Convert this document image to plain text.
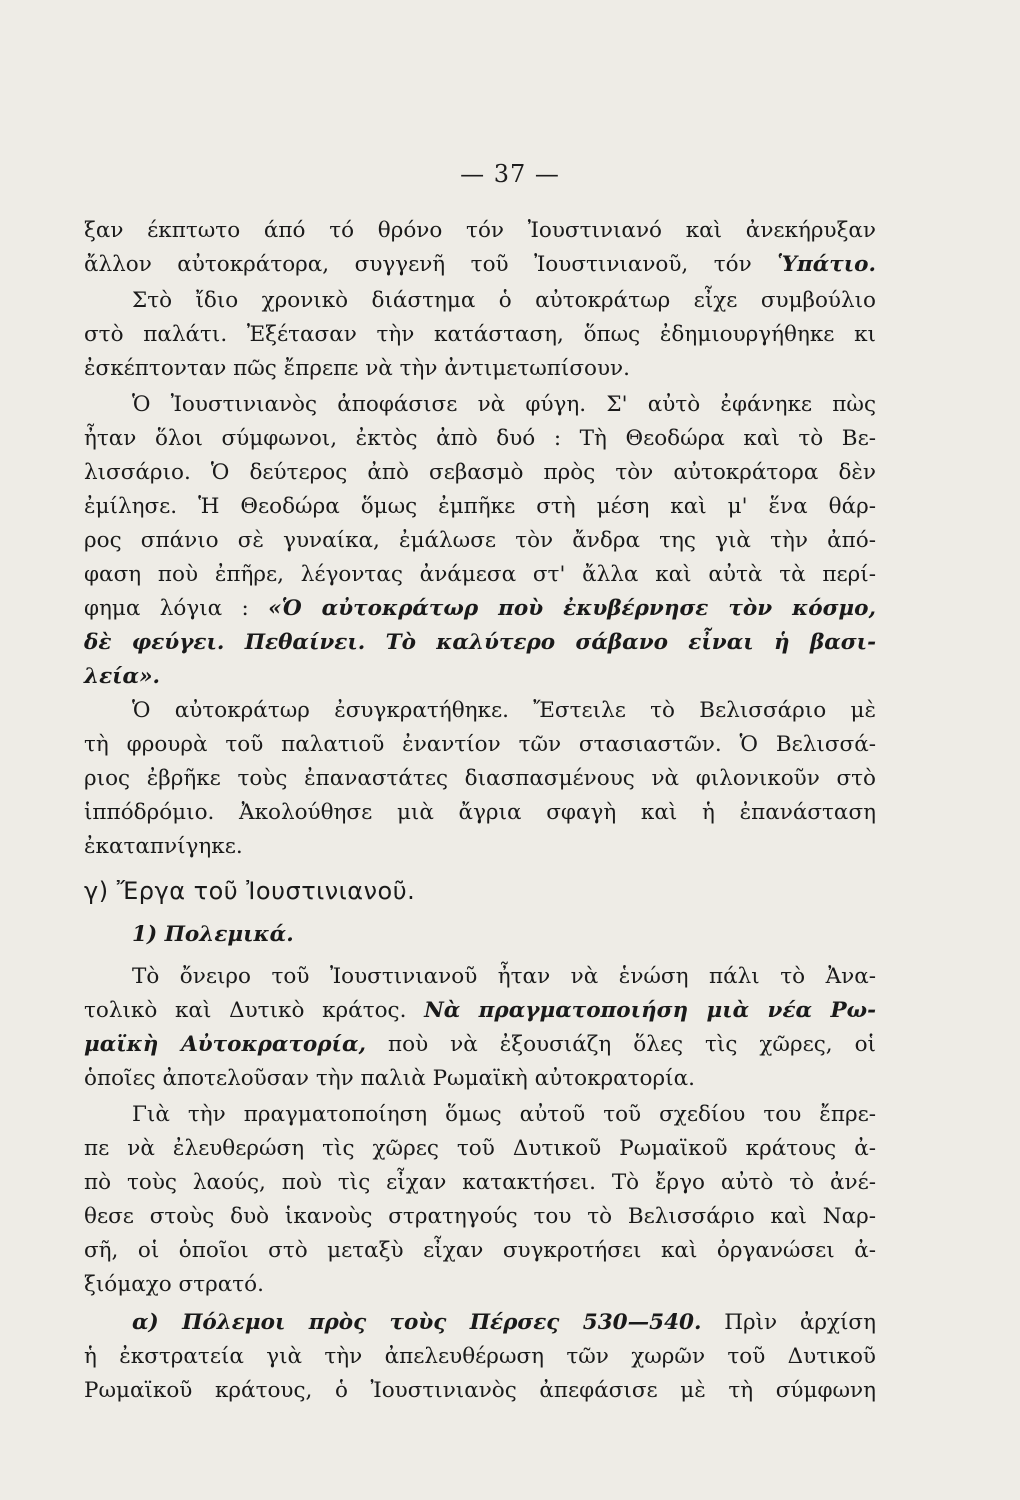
— 37 —
ξαν έκπτωτο άπό τό θρόνο τόν Ἰουστινιανό καὶ ἀνεκήρυξαν
ἄλλον αὐτοκράτορα, συγγενῆ τοῦ Ἰουστινιανοῦ, τόν Ὑπάτιο.
Στὸ ἴδιο χρονικὸ διάστημα ὁ αὐτοκράτωρ εἶχε συμβούλιο
στὸ παλάτι. Ἐξέτασαν τὴν κατάσταση, ὅπως ἐδημιουργήθηκε κι
ἐσκέπτονταν πῶς ἔπρεπε νὰ τὴν ἀντιμετωπίσουν.
Ὁ Ἰουστινιανὸς ἀποφάσισε νὰ φύγη. Σ' αὐτὸ ἐφάνηκε πὼς
ἦταν ὅλοι σύμφωνοι, ἐκτὸς ἀπὸ δυό : Τὴ Θεοδώρα καὶ τὸ Βε-
λισσάριο. Ὁ δεύτερος ἀπὸ σεβασμὸ πρὸς τὸν αὐτοκράτορα δὲν
ἐμίλησε. Ἡ Θεοδώρα ὅμως ἐμπῆκε στὴ μέση καὶ μ' ἕνα θάρ-
ρος σπάνιο σὲ γυναίκα, ἐμάλωσε τὸν ἄνδρα της γιὰ τὴν ἀπό-
φαση ποὺ ἐπῆρε, λέγοντας ἀνάμεσα στ' ἄλλα καὶ αὐτὰ τὰ περί-
φημα λόγια : «Ὁ αὐτοκράτωρ ποὺ ἐκυβέρνησε τὸν κόσμο,
δὲ φεύγει. Πεθαίνει. Τὸ καλύτερο σάβανο εἶναι ἡ βασι-
λεία».
Ὁ αὐτοκράτωρ ἐσυγκρατήθηκε. Ἔστειλε τὸ Βελισσάριο μὲ
τὴ φρουρὰ τοῦ παλατιοῦ ἐναντίον τῶν στασιαστῶν. Ὁ Βελισσά-
ριος ἐβρῆκε τοὺς ἐπαναστάτες διασπασμένους νὰ φιλονικοῦν στὸ
ἱππόδρόμιο. Ἀκολούθησε μιὰ ἄγρια σφαγὴ καὶ ἡ ἐπανάσταση
ἐκαταπνίγηκε.
γ) Ἔργα τοῦ Ἰουστινιανοῦ.
1) Πολεμικά.
Τὸ ὄνειρο τοῦ Ἰουστινιανοῦ ἦταν νὰ ἑνώση πάλι τὸ Ἀνα-
τολικὸ καὶ Δυτικὸ κράτος. Νὰ πραγματοποιήση μιὰ νέα Ρω-
μαϊκὴ Αὐτοκρατορία, ποὺ νὰ ἐξουσιάζη ὅλες τὶς χῶρες, οἱ
ὁποῖες ἀποτελοῦσαν τὴν παλιὰ Ρωμαϊκὴ αὐτοκρατορία.
Γιὰ τὴν πραγματοποίηση ὅμως αὐτοῦ τοῦ σχεδίου του ἔπρε-
πε νὰ ἐλευθερώση τὶς χῶρες τοῦ Δυτικοῦ Ρωμαϊκοῦ κράτους ἀ-
πὸ τοὺς λαούς, ποὺ τὶς εἶχαν κατακτήσει. Τὸ ἔργο αὐτὸ τὸ ἀνέ-
θεσε στοὺς δυὸ ἱκανοὺς στρατηγούς του τὸ Βελισσάριο καὶ Ναρ-
σῆ, οἱ ὁποῖοι στὸ μεταξὺ εἶχαν συγκροτήσει καὶ ὀργανώσει ἀ-
ξιόμαχο στρατό.
α) Πόλεμοι πρὸς τοὺς Πέρσες 530—540. Πρὶν ἀρχίση
ἡ ἐκστρατεία γιὰ τὴν ἀπελευθέρωση τῶν χωρῶν τοῦ Δυτικοῦ
Ρωμαϊκοῦ κράτους, ὁ Ἰουστινιανὸς ἀπεφάσισε μὲ τὴ σύμφωνη
